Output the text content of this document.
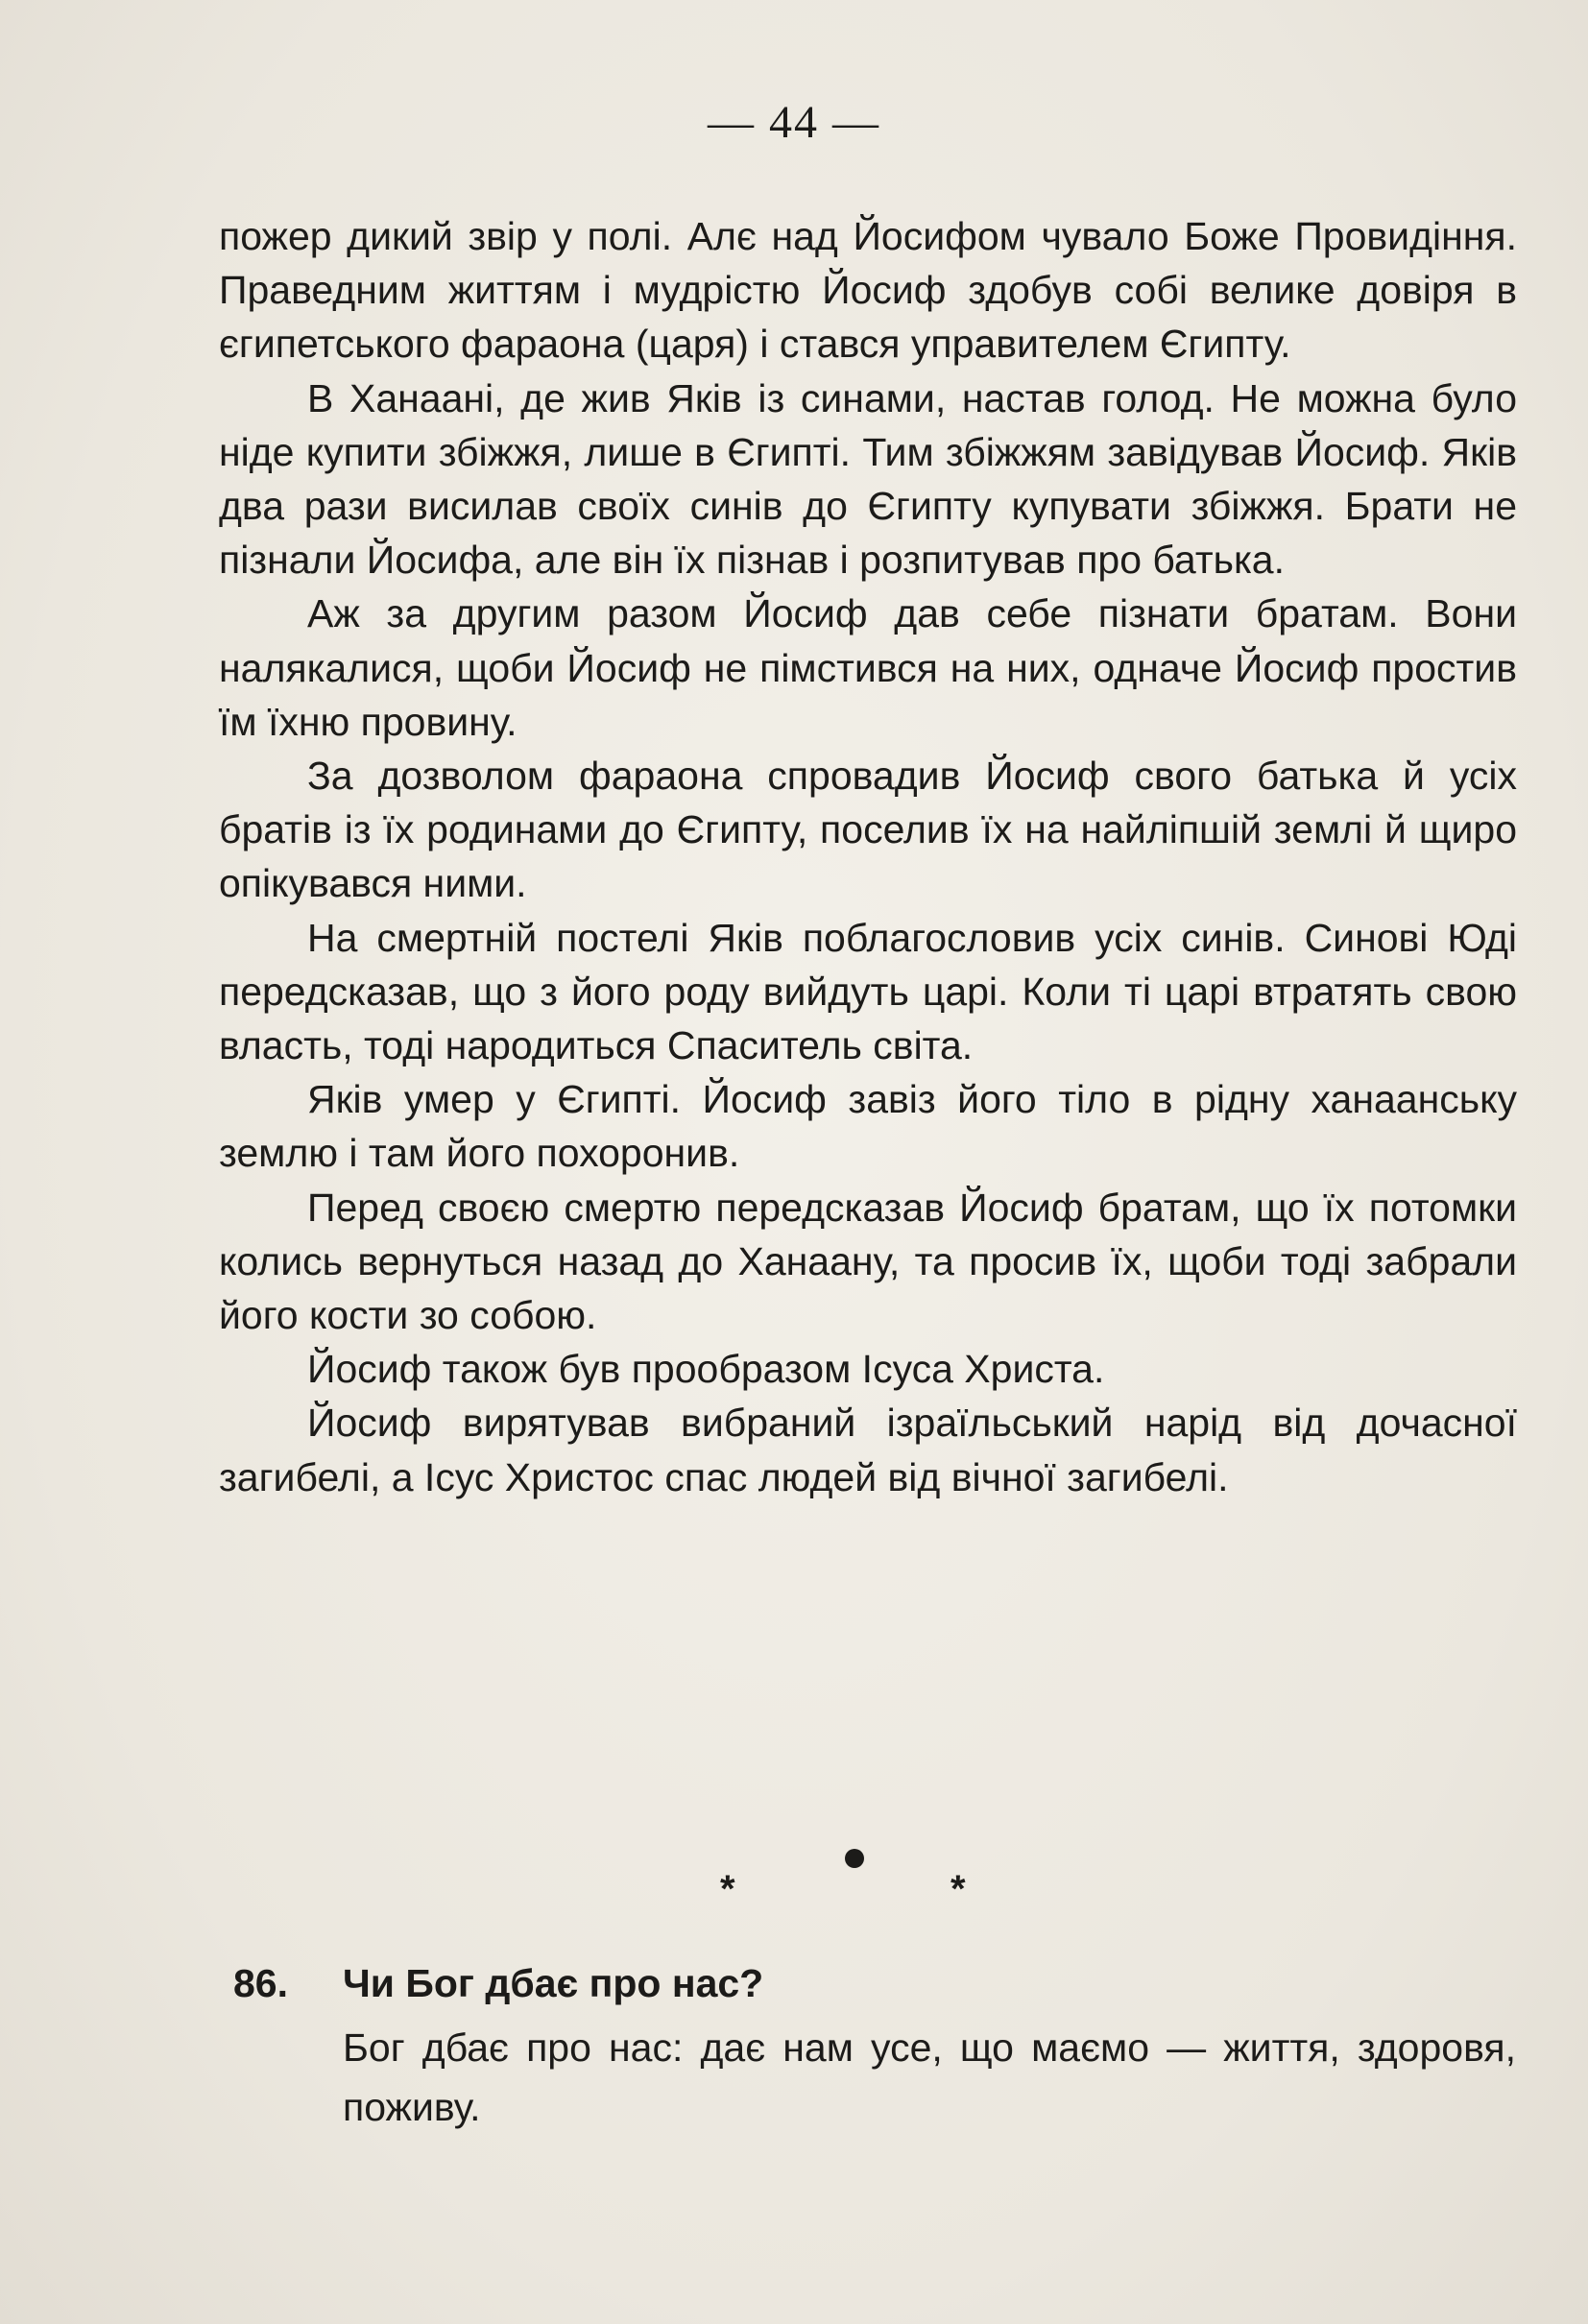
— 44 —

пожер дикий звір у полі. Алє над Йосифом чувало Боже Провидіння. Праведним життям і мудрістю Йосиф здобув собі велике довіря в єгипетського фараона (царя) і стався управителем Єгипту.

В Ханаані, де жив Яків із синами, настав голод. Не можна було ніде купити збіжжя, лише в Єгипті. Тим збіжжям завідував Йосиф. Яків два рази висилав своїх синів до Єгипту купувати збіжжя. Брати не пізнали Йосифа, але він їх пізнав і розпитував про батька.

Аж за другим разом Йосиф дав себе пізнати братам. Вони налякалися, щоби Йосиф не пімстився на них, одначе Йосиф простив їм їхню провину.

За дозволом фараона спровадив Йосиф свого батька й усіх братів із їх родинами до Єгипту, поселив їх на найліпшій землі й щиро опікувався ними.

На смертній постелі Яків поблагословив усіх синів. Синові Юді передсказав, що з його роду вийдуть царі. Коли ті царі втратять свою власть, тоді народиться Спаситель світа.

Яків умер у Єгипті. Йосиф завіз його тіло в рідну ханаанську землю і там його похоронив.

Перед своєю смертю передсказав Йосиф братам, що їх потомки колись вернуться назад до Ханаану, та просив їх, щоби тоді забрали його кости зо собою.

Йосиф також був прообразом Ісуса Христа.

Йосиф вирятував вибраний ізраїльський нарід від дочасної загибелі, а Ісус Христос спас людей від вічної загибелі.

*	*
86. Чи Бог дбає про нас?
Бог дбає про нас: дає нам усе, що маємо — життя, здоровя, поживу.
